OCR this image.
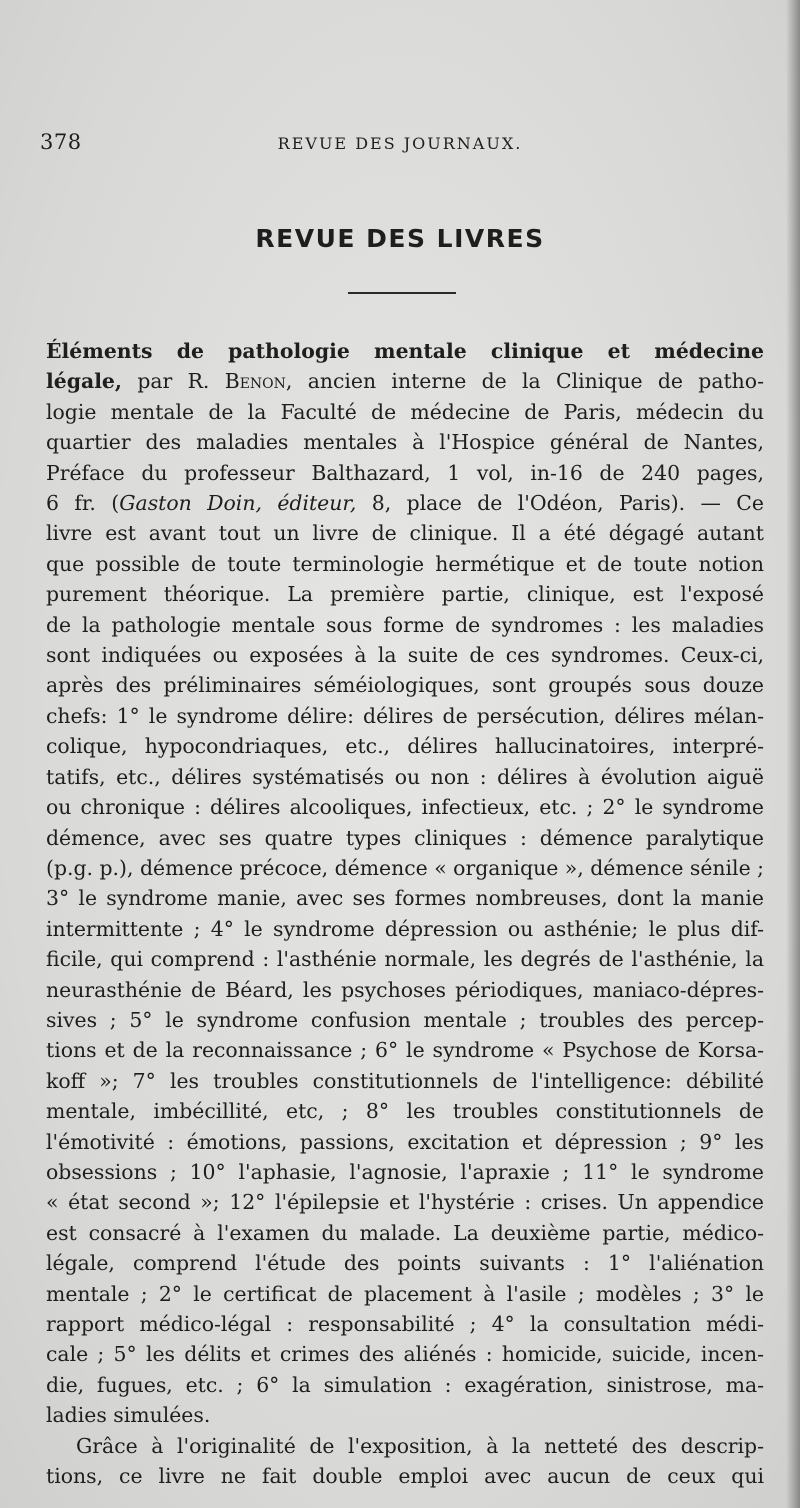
378	REVUE DES JOURNAUX.
REVUE DES LIVRES
Éléments de pathologie mentale clinique et médecine
légale, par R. Benon, ancien interne de la Clinique de patho-
logie mentale de la Faculté de médecine de Paris, médecin du
quartier des maladies mentales à l'Hospice général de Nantes,
Préface du professeur Balthazard, 1 vol, in-16 de 240 pages,
6 fr. (Gaston Doin, éditeur, 8, place de l'Odéon, Paris). — Ce
livre est avant tout un livre de clinique. Il a été dégagé autant
que possible de toute terminologie hermétique et de toute notion
purement théorique. La première partie, clinique, est l'exposé
de la pathologie mentale sous forme de syndromes : les maladies
sont indiquées ou exposées à la suite de ces syndromes. Ceux-ci,
après des préliminaires séméiologiques, sont groupés sous douze
chefs: 1° le syndrome délire: délires de persécution, délires mélan-
colique, hypocondriaques, etc., délires hallucinatoires, interpré-
tatifs, etc., délires systématisés ou non : délires à évolution aiguë
ou chronique : délires alcooliques, infectieux, etc. ; 2° le syndrome
démence, avec ses quatre types cliniques : démence paralytique
(p.g. p.), démence précoce, démence « organique », démence sénile ;
3° le syndrome manie, avec ses formes nombreuses, dont la manie
intermittente ; 4° le syndrome dépression ou asthénie; le plus dif-
ficile, qui comprend : l'asthénie normale, les degrés de l'asthénie, la
neurasthénie de Béard, les psychoses périodiques, maniaco-dépres-
sives ; 5° le syndrome confusion mentale ; troubles des percep-
tions et de la reconnaissance ; 6° le syndrome « Psychose de Korsa-
koff »; 7° les troubles constitutionnels de l'intelligence: débilité
mentale, imbécillité, etc, ; 8° les troubles constitutionnels de
l'émotivité : émotions, passions, excitation et dépression ; 9° les
obsessions ; 10° l'aphasie, l'agnosie, l'apraxie ; 11° le syndrome
« état second »; 12° l'épilepsie et l'hystérie : crises. Un appendice
est consacré à l'examen du malade. La deuxième partie, médico-
légale, comprend l'étude des points suivants : 1° l'aliénation
mentale ; 2° le certificat de placement à l'asile ; modèles ; 3° le
rapport médico-légal : responsabilité ; 4° la consultation médi-
cale ; 5° les délits et crimes des aliénés : homicide, suicide, incen-
die, fugues, etc. ; 6° la simulation : exagération, sinistrose, ma-
ladies simulées.
Grâce à l'originalité de l'exposition, à la netteté des descrip-
tions, ce livre ne fait double emploi avec aucun de ceux qui
